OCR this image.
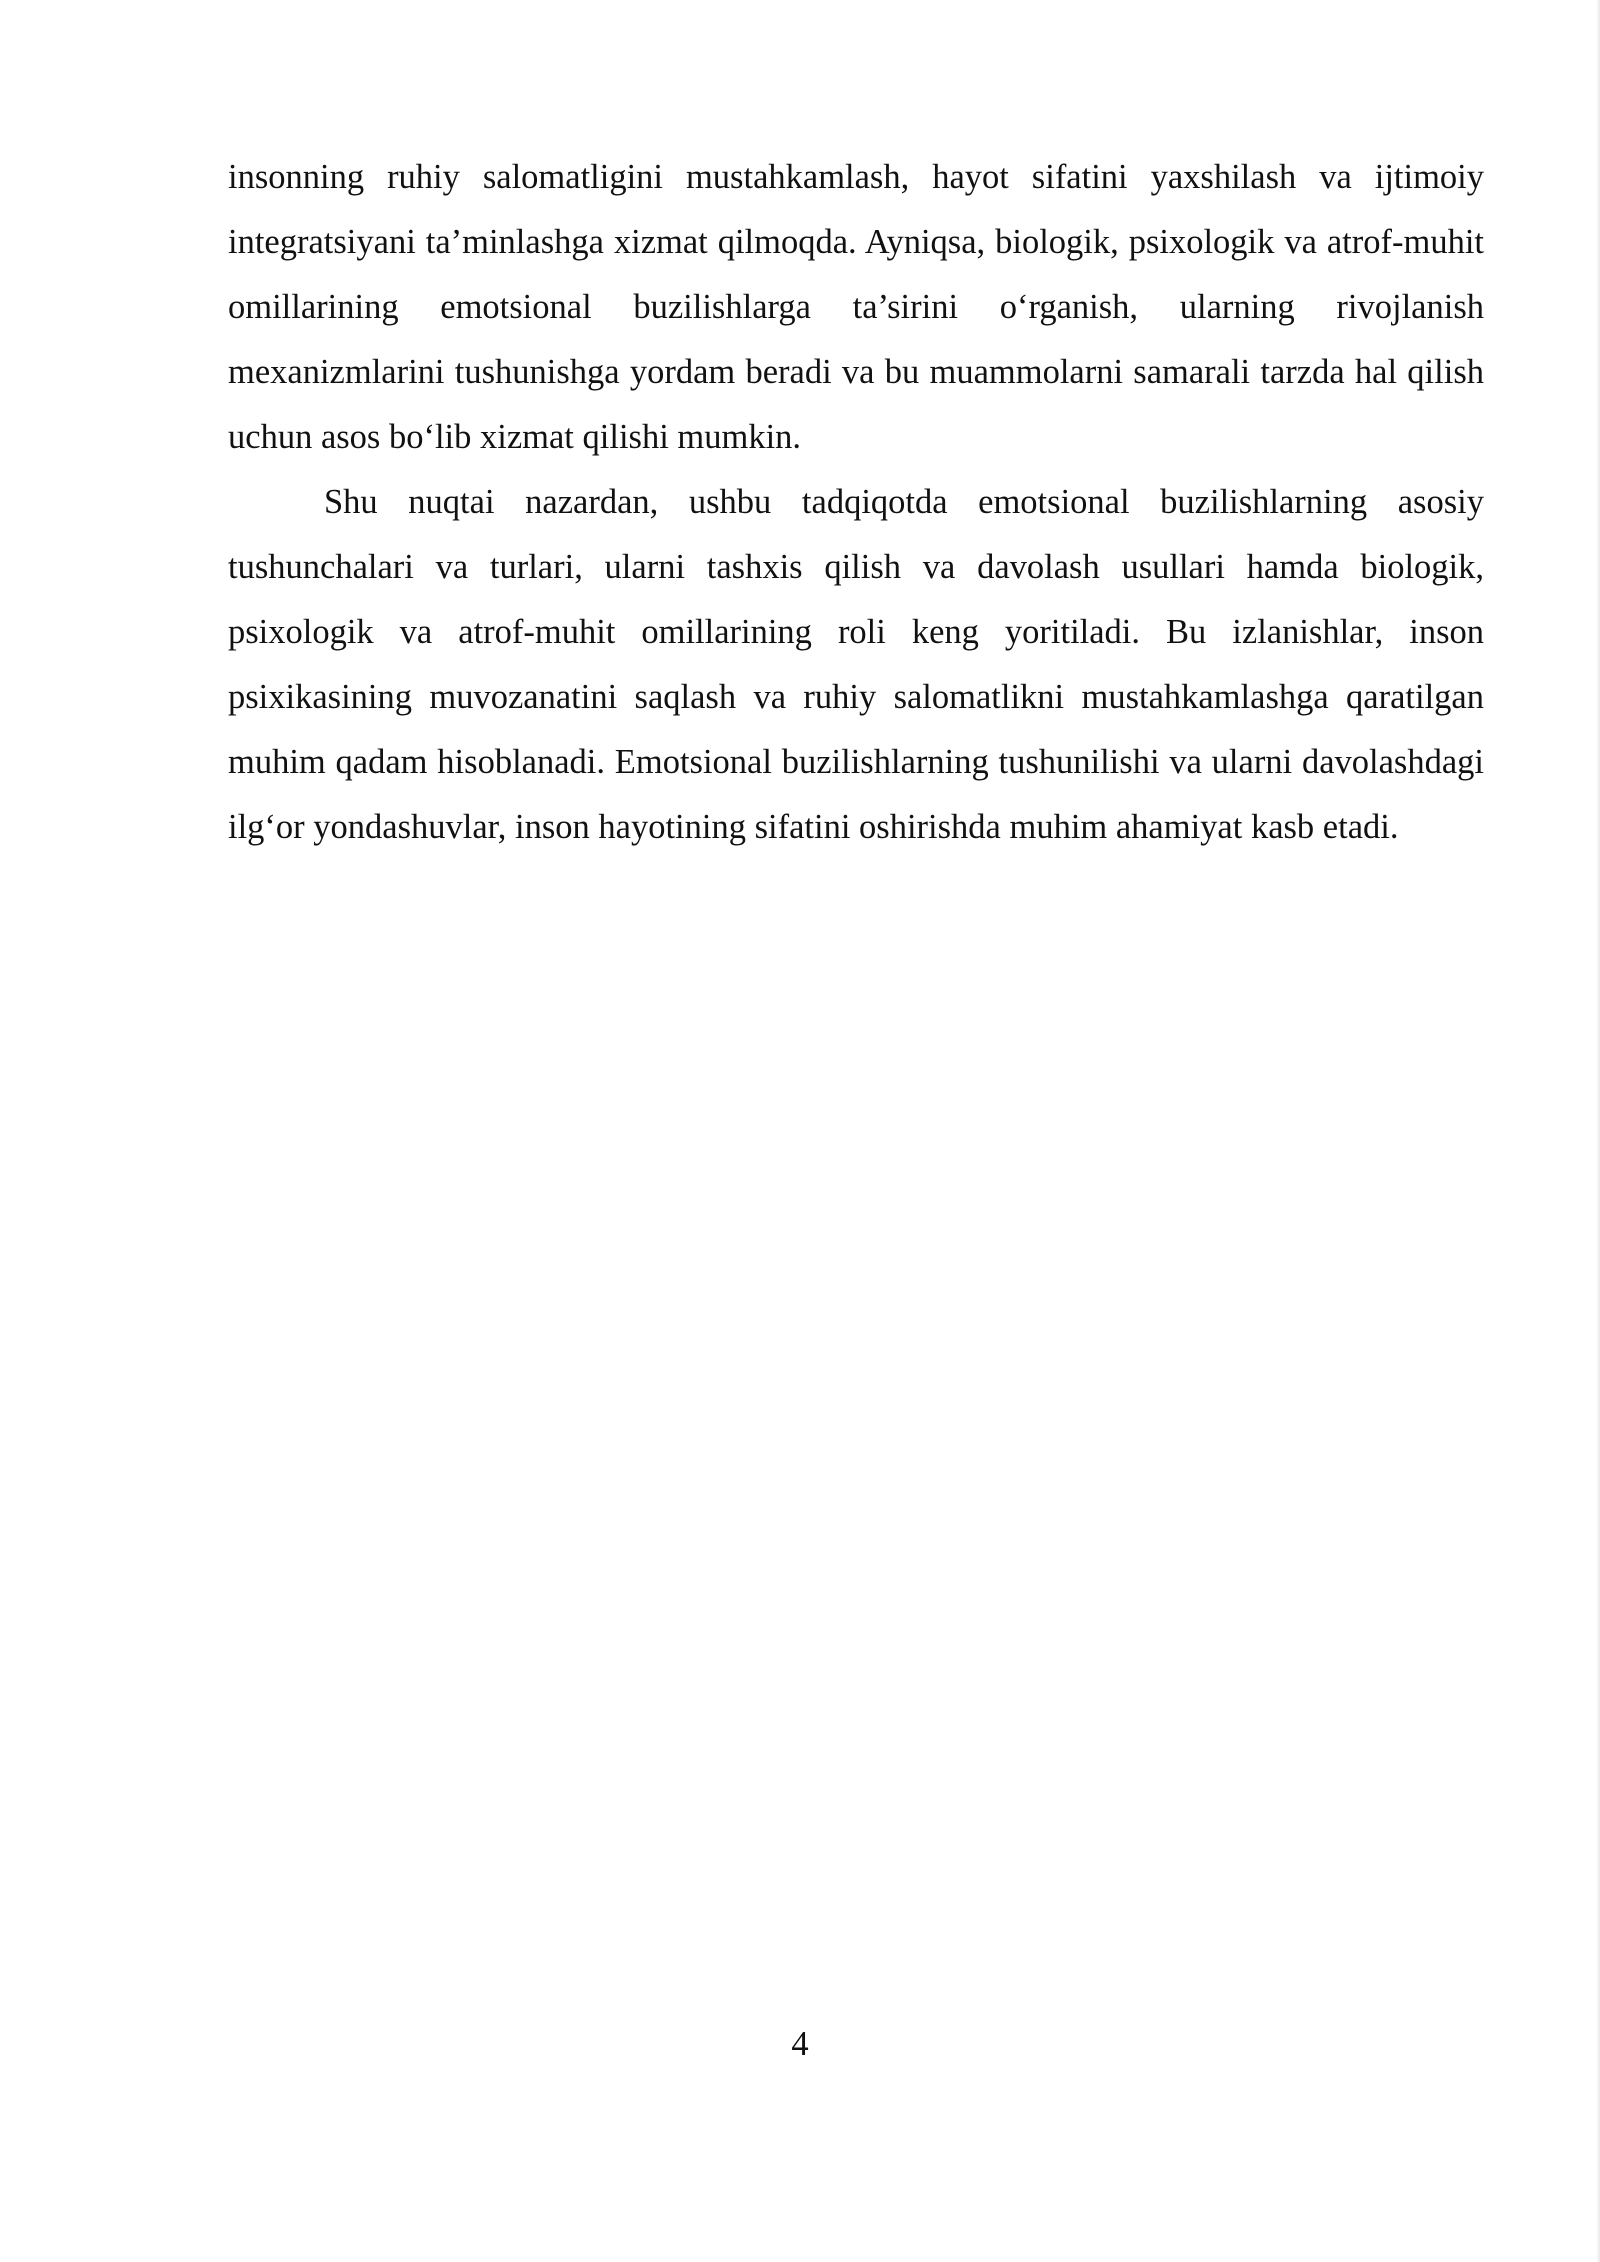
insonning ruhiy salomatligini mustahkamlash, hayot sifatini yaxshilash va ijtimoiy integratsiyani ta’minlashga xizmat qilmoqda. Ayniqsa, biologik, psixologik va atrof-muhit omillarining emotsional buzilishlarga ta’sirini o‘rganish, ularning rivojlanish mexanizmlarini tushunishga yordam beradi va bu muammolarni samarali tarzda hal qilish uchun asos bo‘lib xizmat qilishi mumkin.

Shu nuqtai nazardan, ushbu tadqiqotda emotsional buzilishlarning asosiy tushunchalari va turlari, ularni tashxis qilish va davolash usullari hamda biologik, psixologik va atrof-muhit omillarining roli keng yoritiladi. Bu izlanishlar, inson psixikasining muvozanatini saqlash va ruhiy salomatlikni mustahkamlashga qaratilgan muhim qadam hisoblanadi. Emotsional buzilishlarning tushunilishi va ularni davolashdagi ilg‘or yondashuvlar, inson hayotining sifatini oshirishda muhim ahamiyat kasb etadi.

4
